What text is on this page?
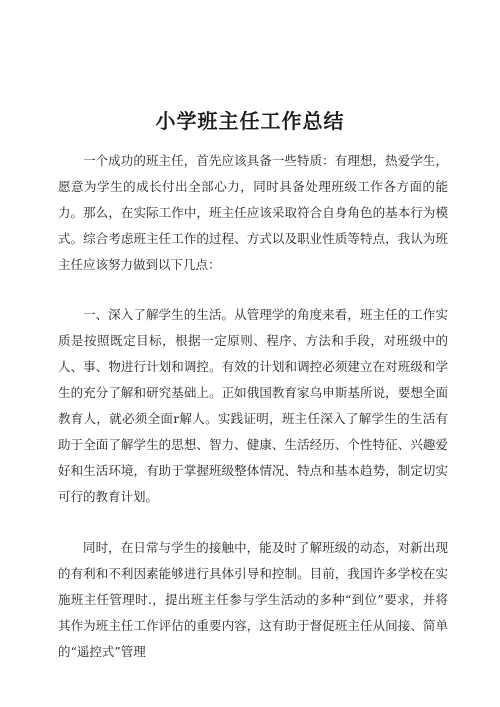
小学班主任工作总结

一个成功的班主任，首先应该具备一些特质：有理想，热爱学生，愿意为学生的成长付出全部心力，同时具备处理班级工作各方面的能力。那么，在实际工作中，班主任应该采取符合自身角色的基本行为模式。综合考虑班主任工作的过程、方式以及职业性质等特点，我认为班主任应该努力做到以下几点：

一、深入了解学生的生活。从管理学的角度来看，班主任的工作实质是按照既定目标，根据一定原则、程序、方法和手段，对班级中的人、事、物进行计划和调控。有效的计划和调控必须建立在对班级和学生的充分了解和研究基础上。正如俄国教育家乌申斯基所说，要想全面教育人，就必须全面r解人。实践证明，班主任深入了解学生的生活有助于全面了解学生的思想、智力、健康、生活经历、个性特征、兴趣爱好和生活环境，有助于掌握班级整体情况、特点和基本趋势，制定切实可行的教育计划。

同时，在日常与学生的接触中，能及时了解班级的动态，对新出现的有利和不利因素能够进行具体引导和控制。目前，我国许多学校在实施班主任管理时.，提出班主任参与学生活动的多种“到位”要求，并将其作为班主任工作评估的重要内容，这有助于督促班主任从间接、简单的“遥控式”管理
